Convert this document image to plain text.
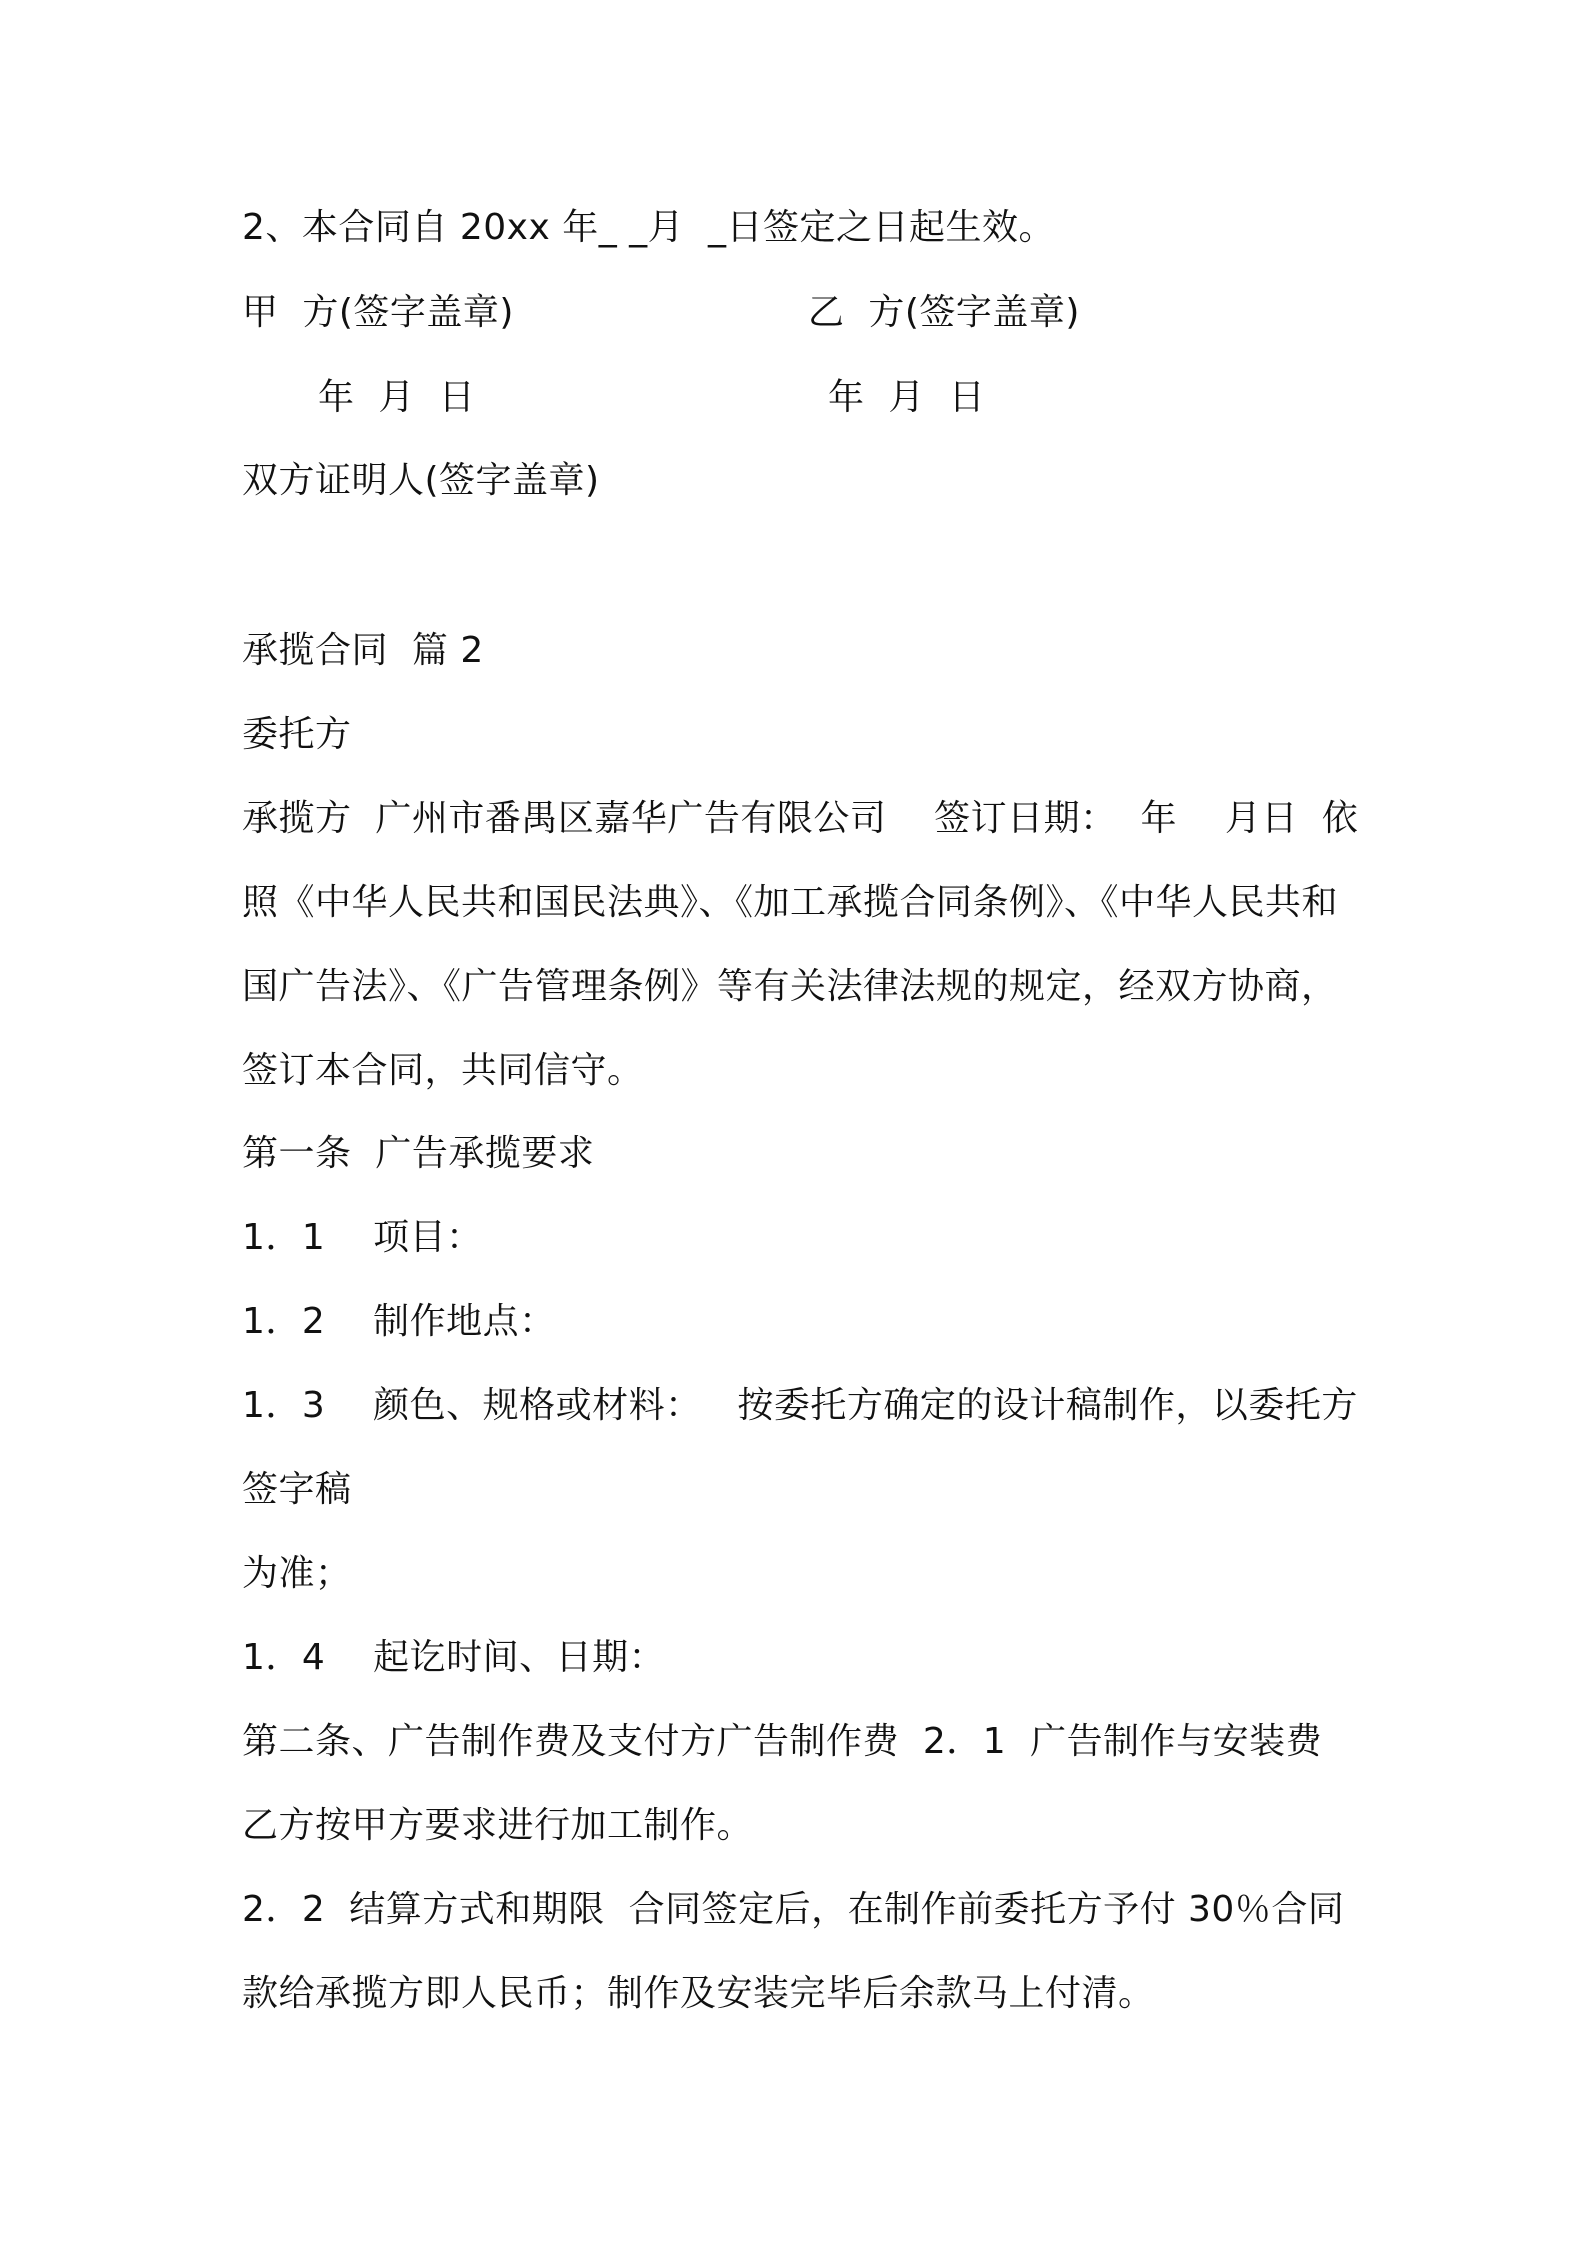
2、本合同自 20xx 年_ _月  _日签定之日起生效。
甲  方(签字盖章)	乙  方(签字盖章)
年  月  日	年  月  日
双方证明人(签字盖章)
承揽合同  篇 2
委托方
承揽方  广州市番禺区嘉华广告有限公司    签订日期：  年    月日  依
照《中华人民共和国民法典》、《加工承揽合同条例》、《中华人民共和
国广告法》、《广告管理条例》等有关法律法规的规定，经双方协商，
签订本合同，共同信守。
第一条  广告承揽要求
1．1    项目：
1．2    制作地点：
1．3    颜色、规格或材料：   按委托方确定的设计稿制作，以委托方
签字稿
为准；
1．4    起讫时间、日期：
第二条、广告制作费及支付方广告制作费  2．1  广告制作与安装费
乙方按甲方要求进行加工制作。
2．2  结算方式和期限  合同签定后，在制作前委托方予付 30％合同
款给承揽方即人民币；制作及安装完毕后余款马上付清。
